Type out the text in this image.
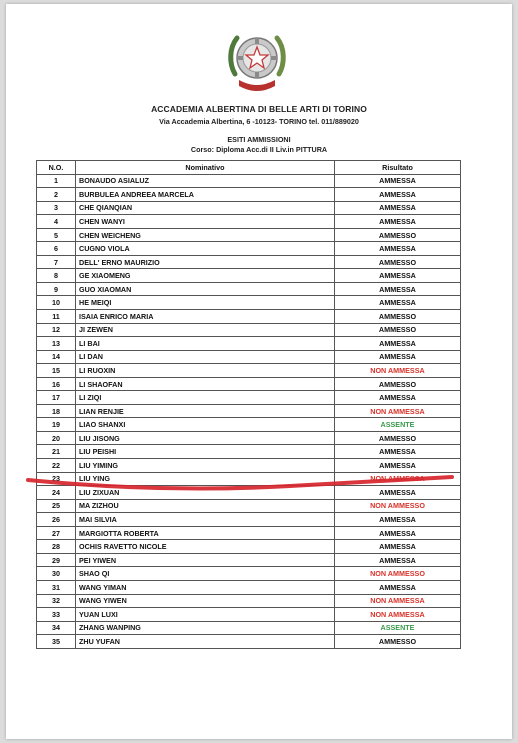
ACCADEMIA ALBERTINA DI BELLE ARTI DI TORINO
Via Accademia Albertina, 6 -10123- TORINO tel. 011/889020
ESITI AMMISSIONI
Corso: Diploma Acc.di II Liv.in PITTURA
N.O.	Nominativo	Risultato
1	BONAUDO ASIALUZ	AMMESSA
2	BURBULEA ANDREEA MARCELA	AMMESSA
3	CHE QIANQIAN	AMMESSA
4	CHEN WANYI	AMMESSA
5	CHEN WEICHENG	AMMESSO
6	CUGNO VIOLA	AMMESSA
7	DELL' ERNO MAURIZIO	AMMESSO
8	GE XIAOMENG	AMMESSA
9	GUO XIAOMAN	AMMESSA
10	HE MEIQI	AMMESSA
11	ISAIA ENRICO MARIA	AMMESSO
12	JI ZEWEN	AMMESSO
13	LI BAI	AMMESSA
14	LI DAN	AMMESSA
15	LI RUOXIN	NON AMMESSA
16	LI SHAOFAN	AMMESSO
17	LI ZIQI	AMMESSA
18	LIAN RENJIE	NON AMMESSA
19	LIAO SHANXI	ASSENTE
20	LIU JISONG	AMMESSO
21	LIU PEISHI	AMMESSA
22	LIU YIMING	AMMESSA
23	LIU YING	NON AMMESSA
24	LIU ZIXUAN	AMMESSA
25	MA ZIZHOU	NON AMMESSO
26	MAI SILVIA	AMMESSA
27	MARGIOTTA ROBERTA	AMMESSA
28	OCHIS RAVETTO NICOLE	AMMESSA
29	PEI YIWEN	AMMESSA
30	SHAO QI	NON AMMESSO
31	WANG YIMAN	AMMESSA
32	WANG YIWEN	NON AMMESSA
33	YUAN LUXI	NON AMMESSA
34	ZHANG WANPING	ASSENTE
35	ZHU YUFAN	AMMESSO
